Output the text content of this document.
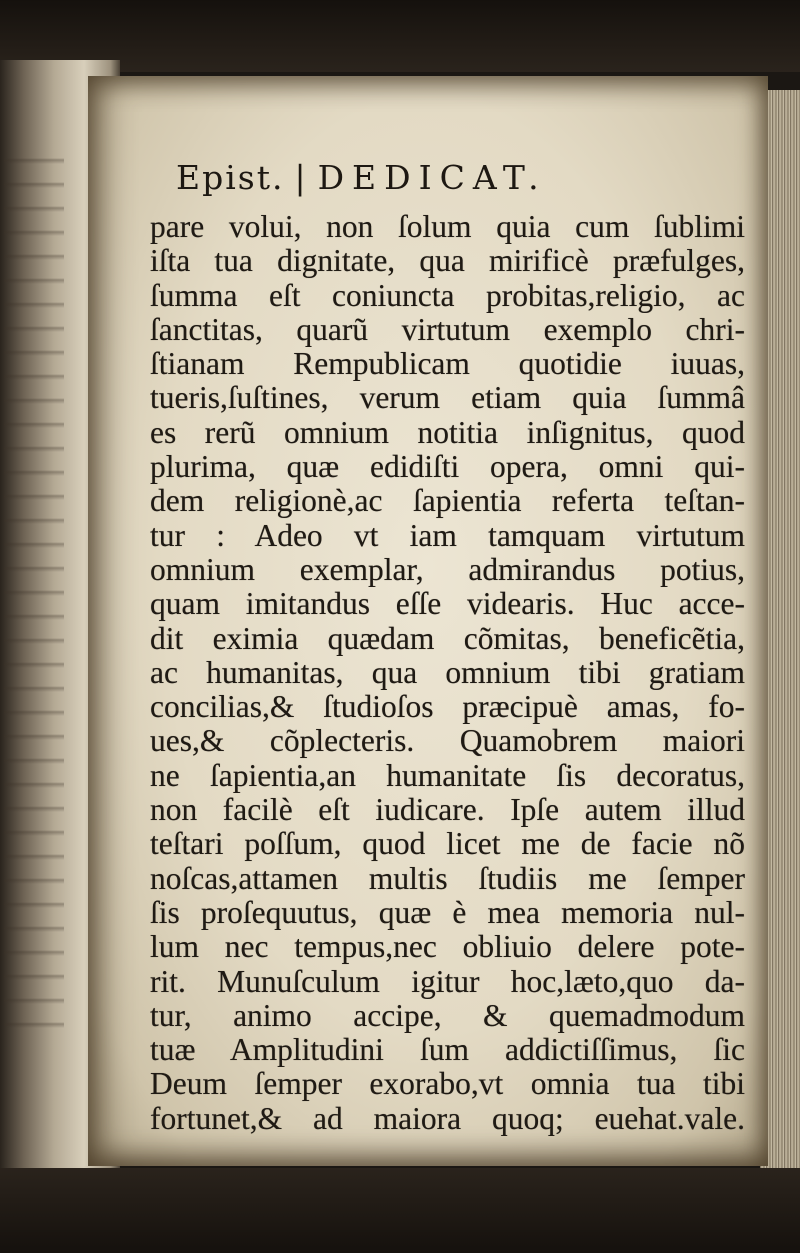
Epist. | DEDICAT.
pare volui, non ſolum quia cum ſublimi
iſta tua dignitate, qua mirificè præfulges,
ſumma eſt coniuncta probitas,religio, ac
ſanctitas, quarũ virtutum exemplo chri-
ſtianam Rempublicam quotidie iuuas,
tueris,ſuſtines, verum etiam quia ſummâ
es rerũ omnium notitia inſignitus, quod
plurima, quæ edidiſti opera, omni qui-
dem religionè,ac ſapientia referta teſtan-
tur : Adeo vt iam tamquam virtutum
omnium exemplar, admirandus potius,
quam imitandus eſſe videaris. Huc acce-
dit eximia quædam cõmitas, beneficẽtia,
ac humanitas, qua omnium tibi gratiam
concilias,& ſtudioſos præcipuè amas, fo-
ues,& cõplecteris. Quamobrem maiori
ne ſapientia,an humanitate ſis decoratus,
non facilè eſt iudicare. Ipſe autem illud
teſtari poſſum, quod licet me de facie nõ
noſcas,attamen multis ſtudiis me ſemper
ſis proſequutus, quæ è mea memoria nul-
lum nec tempus,nec obliuio delere pote-
rit. Munuſculum igitur hoc,læto,quo da-
tur, animo accipe, & quemadmodum
tuæ Amplitudini ſum addictiſſimus, ſic
Deum ſemper exorabo,vt omnia tua tibi
fortunet,& ad maiora quoq; euehat.vale.
